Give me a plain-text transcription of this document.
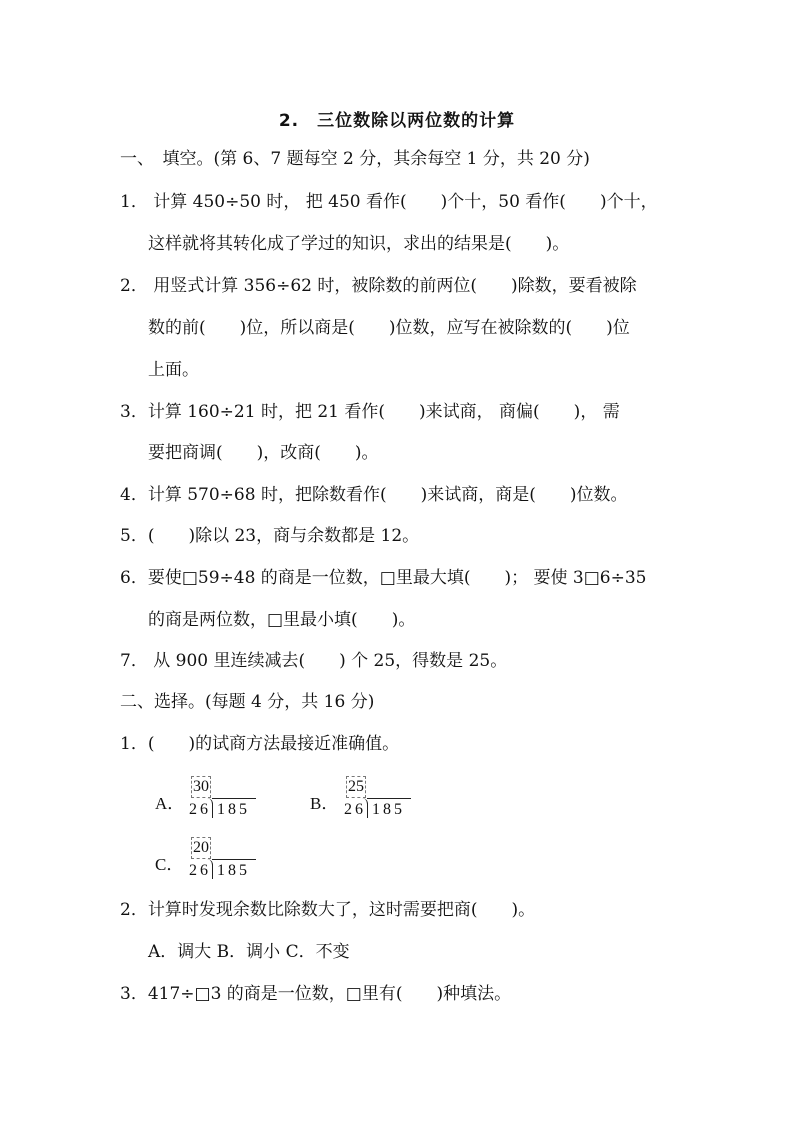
2.　三位数除以两位数的计算
一、　填空。(第 6、7 题每空 2 分，其余每空 1 分，共 20 分)
1． 计算 450÷50 时， 把 450 看作(　　)个十，50 看作(　　)个十，
这样就将其转化成了学过的知识，求出的结果是(　　)。
2． 用竖式计算 356÷62 时，被除数的前两位(　　)除数，要看被除
数的前(　　)位，所以商是(　　)位数，应写在被除数的(　　)位
上面。
3．计算 160÷21 时，把 21 看作(　　)来试商， 商偏(　　)， 需
要把商调(　　)，改商(　　)。
4．计算 570÷68 时，把除数看作(　　)来试商，商是(　　)位数。
5．(　　)除以 23，商与余数都是 12。
6．要使□59÷48 的商是一位数，□里最大填(　　)； 要使 3□6÷35
的商是两位数，□里最小填(　　)。
7． 从 900 里连续减去(　　) 个 25，得数是 25。
二、选择。(每题 4 分，共 16 分)
1．(　　)的试商方法最接近准确值。
A．
30
26 185	B．
25
26 185
C．
20
26 185
2．计算时发现余数比除数大了，这时需要把商(　　)。
A．调大 B．调小 C．不变
3．417÷□3 的商是一位数，□里有(　　)种填法。
